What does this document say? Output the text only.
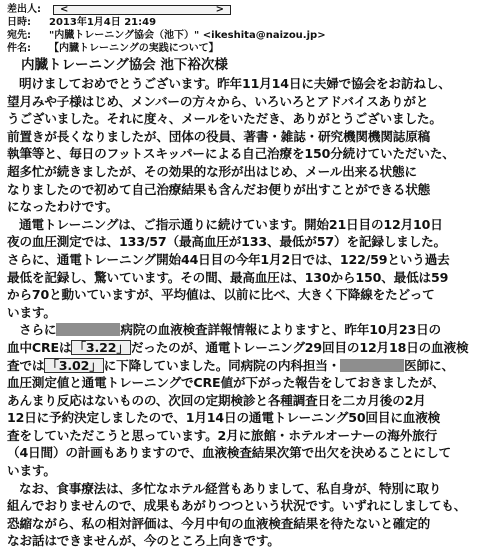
差出人: <	>
日時: 2013年1月4日 21:49
宛先: "内臓トレーニング協会（池下）" <ikeshita@naizou.jp>
件名: 【内臓トレーニングの実践について】
内臓トレーニング協会 池下裕次様
明けましておめでとうございます。昨年11月14日に夫婦で協会をお訪ねし、
望月みや子様はじめ、メンバーの方々から、いろいろとアドバイスありがと
うございました。それに度々、メールをいただき、ありがとうございました。
前置きが長くなりましたが、団体の役員、著書・雑誌・研究機関機関誌原稿
執筆等と、毎日のフットスキッパーによる自己治療を150分続けていただいた、
超多忙が続きましたが、その効果的な形が出はじめ、メール出来る状態に
なりましたので初めて自己治療結果も含んだお便りが出すことができる状態
になったわけです。
通電トレーニングは、ご指示通りに続けています。開始21日目の12月10日
夜の血圧測定では、133/57（最高血圧が133、最低が57）を記録しました。
さらに、通電トレーニング開始44日目の今年1月2日では、122/59という過去
最低を記録し、驚いています。その間、最高血圧は、130から150、最低は59
から70と動いていますが、平均値は、以前に比べ、大きく下降線をたどって
います。
さらに	病院の血液検査詳報情報によりますと、昨年10月23日の
血中CREは 「3.22」 だったのが、通電トレーニング29回目の12月18日の血液検
査では 「3.02」 に下降していました。同病院の内科担当・	医師に、
血圧測定値と通電トレーニングでCRE値が下がった報告をしておきましたが、
あんまり反応はないものの、次回の定期検診と各種調査日を二カ月後の2月
12日に予約決定しましたので、1月14日の通電トレーニング50回目に血液検
査をしていただこうと思っています。2月に旅館・ホテルオーナーの海外旅行
（4日間）の計画もありますので、血液検査結果次第で出欠を決めることにして
います。
なお、食事療法は、多忙なホテル経営もありまして、私自身が、特別に取り
組んでおりませんので、成果もあがりつつという状況です。いずれにしましても、
恐縮ながら、私の相対評価は、今月中旬の血液検査結果を待たないと確定的
なお話はできませんが、今のところ上向きです。
